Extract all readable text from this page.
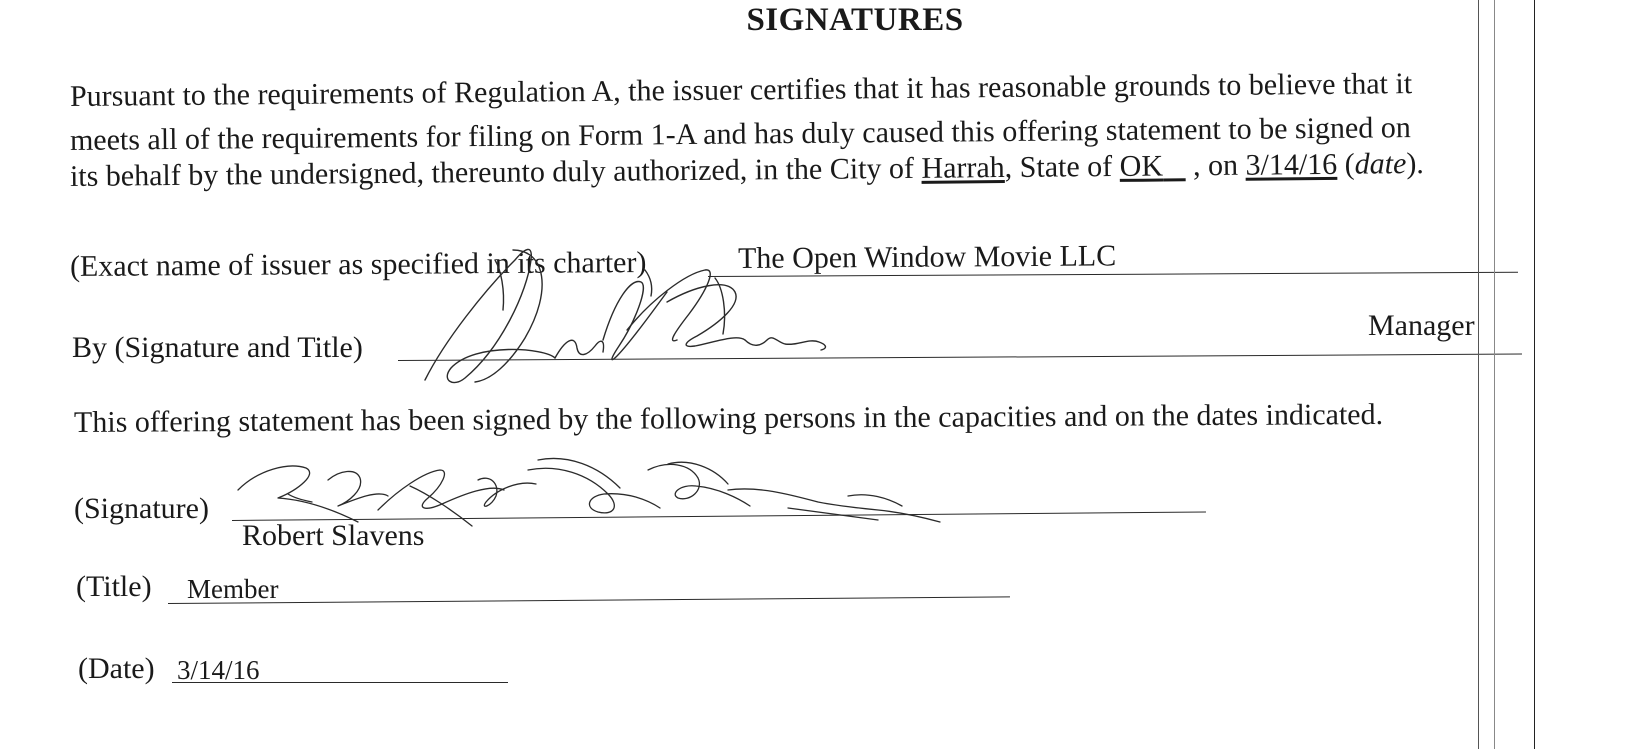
SIGNATURES
Pursuant to the requirements of Regulation A, the issuer certifies that it has reasonable grounds to believe that it
meets all of the requirements for filing on Form 1-A and has duly caused this offering statement to be signed on
its behalf by the undersigned, thereunto duly authorized, in the City of Harrah, State of OK    , on 3/14/16 (date).
(Exact name of issuer as specified in its charter)	The Open Window Movie LLC
By (Signature and Title)
Manager
This offering statement has been signed by the following persons in the capacities and on the dates indicated.
(Signature)
Robert Slavens
(Title) Member
(Date) 3/14/16
